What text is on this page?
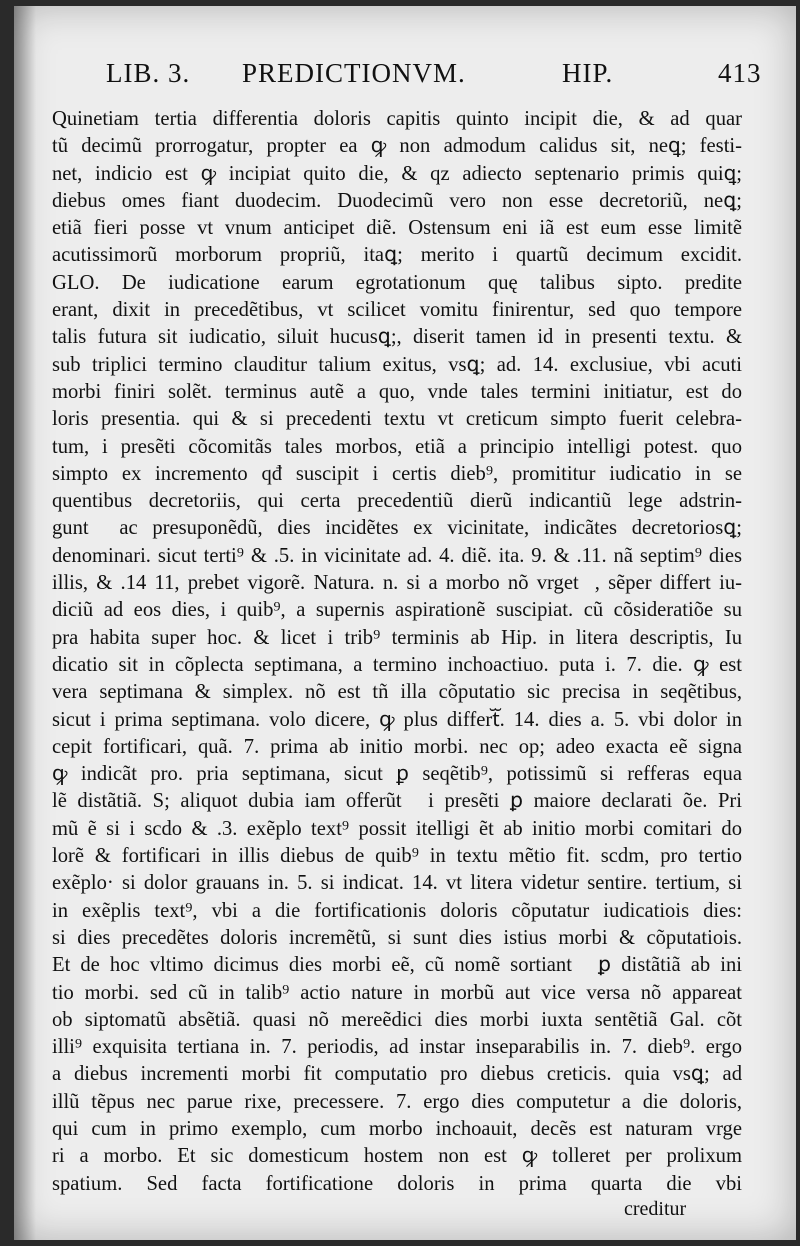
LIB. 3. PREDICTIONVM.	HIP.	413
Quinetiam tertia differentia doloris capitis quinto incipit die, & ad quar
tũ decimũ prorrogatur, propter ea ꝙ non admodum calidus sit, neꝗ; festi-
net, indicio est ꝙ incipiat quito die, & qz adiecto septenario primis quiꝗ;
diebus omes fiant duodecim. Duodecimũ vero non esse decretoriũ, neꝗ;
etiã fieri posse vt vnum anticipet diẽ. Ostensum eni iã est eum esse limitẽ
acutissimorũ morborum propriũ, itaꝗ; merito i quartũ decimum excidit.
GLO. De iudicatione earum egrotationum quę talibus sipto. predite
erant, dixit in precedẽtibus, vt scilicet vomitu finirentur, sed quo tempore
talis futura sit iudicatio, siluit hucusꝗ;, diserit tamen id in presenti textu. &
sub triplici termino clauditur talium exitus, vsꝗ; ad. 14. exclusiue, vbi acuti
morbi finiri solẽt. terminus autẽ a quo, vnde tales termini initiatur, est do
loris presentia. qui & si precedenti textu vt creticum simpto fuerit celebra-
tum, i presẽti cõcomitãs tales morbos, etiã a principio intelligi potest. quo
simpto ex incremento qđ suscipit i certis dieb⁹, promititur iudicatio in se
quentibus decretoriis, qui certa precedentiũ dierũ indicantiũ lege adstrin-
guntᷓ ac presuponẽdũ, dies incidẽtes ex vicinitate, indicãtes decretoriosꝗ;
denominari. sicut terti⁹ & .5. in vicinitate ad. 4. diẽ. ita. 9. & .11. nã septim⁹ dies
illis, & .14 11, prebet vigorẽ. Natura. n. si a morbo nõ vrgetᷓ, sẽper differt iu-
diciũ ad eos dies, i quib⁹, a supernis aspirationẽ suscipiat. cũ cõsideratiõe su
pra habita super hoc. & licet i trib⁹ terminis ab Hip. in litera descriptis, Iu
dicatio sit in cõplecta septimana, a termino inchoactiuo. puta i. 7. die. ꝙ est
vera septimana & simplex. nõ est tñ illa cõputatio sic precisa in seqẽtibus,
sicut i prima septimana. volo dicere, ꝙ plus differtᷓ. 14. dies a. 5. vbi dolor in
cepit fortificari, quã. 7. prima ab initio morbi. nec op; adeo exacta eẽ signa
ꝙ indicãt pro. pria septimana, sicut ꝑ seqẽtib⁹, potissimũ si refferas equa
lẽ distãtiã. S; aliquot dubia iam offerũtᷓ i presẽti ꝑ maiore declarati õe. Pri
mũ ẽ si i scdo & .3. exẽplo text⁹ possit itelligi ẽt ab initio morbi comitari do
lorẽ & fortificari in illis diebus de quib⁹ in textu mẽtio fit. scdm, pro tertio
exẽplo· si dolor grauans in. 5. si indicat. 14. vt litera videtur sentire. tertium, si
in exẽplis text⁹, vbi a die fortificationis doloris cõputatur iudicatiois dies:
si dies precedẽtes doloris incremẽtũ, si sunt dies istius morbi & cõputatiois.
Et de hoc vltimo dicimus dies morbi eẽ, cũ nomẽ sortiantᷓ ꝑ distãtiã ab ini
tio morbi. sed cũ in talib⁹ actio nature in morbũ aut vice versa nõ appareat
ob siptomatũ absẽtiã. quasi nõ mereẽdici dies morbi iuxta sentẽtiã Gal. cõt
illi⁹ exquisita tertiana in. 7. periodis, ad instar inseparabilis in. 7. dieb⁹. ergo
a diebus incrementi morbi fit computatio pro diebus creticis. quia vsꝗ; ad
illũ tẽpus nec parue rixe, precessere. 7. ergo dies computetur a die doloris,
qui cum in primo exemplo, cum morbo inchoauit, decẽs est naturam vrge
ri a morbo. Et sic domesticum hostem non est ꝙ tolleret per prolixum
spatium. Sed facta fortificatione doloris in prima quarta die vbi
creditur
